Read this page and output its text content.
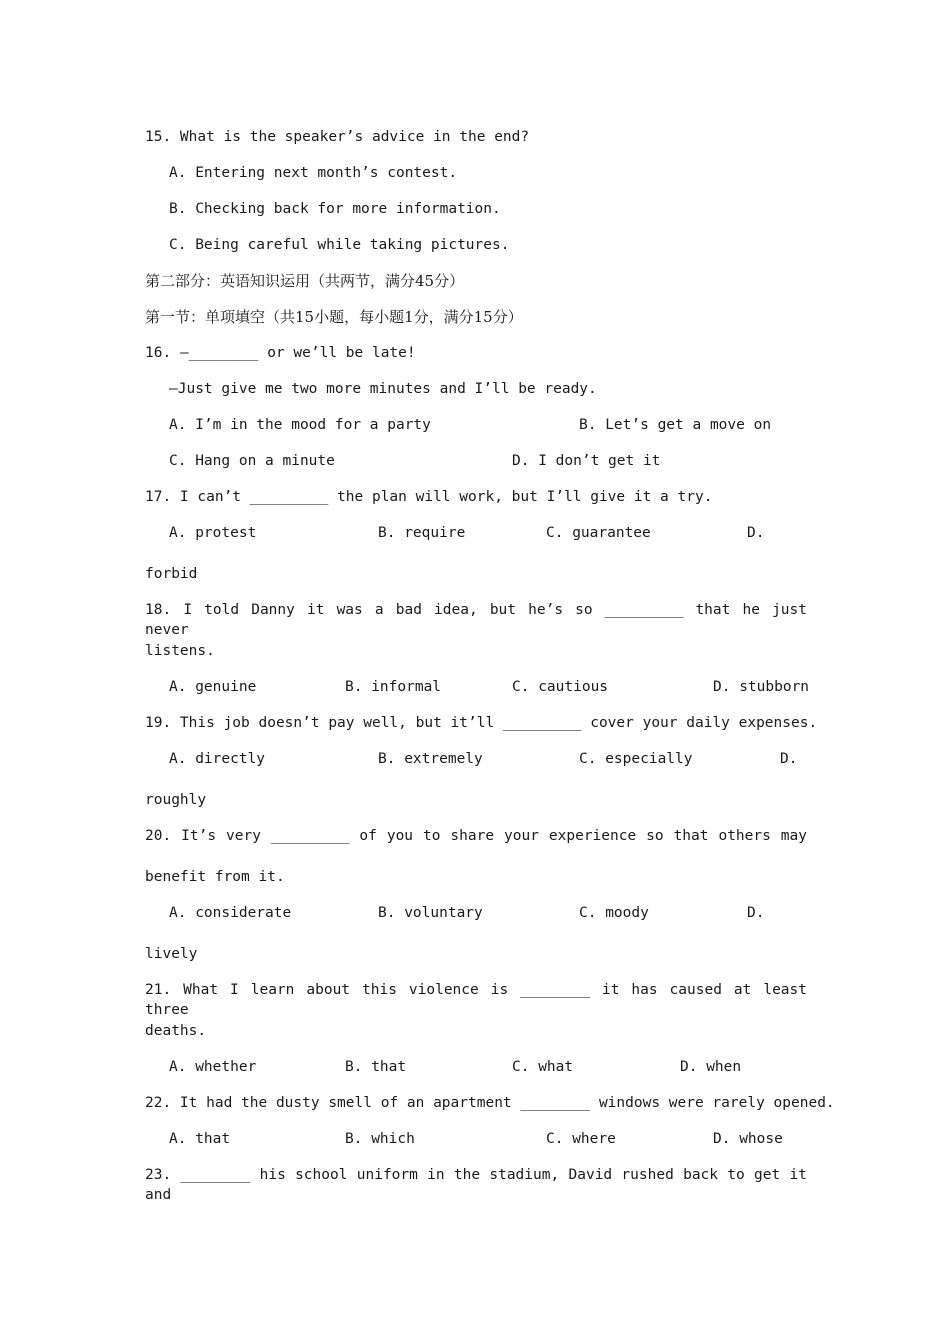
15. What is the speaker’s advice in the end?
A. Entering next month’s contest.
B. Checking back for more information.
C. Being careful while taking pictures.
第二部分：英语知识运用（共两节，满分45分）
第一节：单项填空（共15小题，每小题1分，满分15分）
16. —________ or we’ll be late!
—Just give me two more minutes and I’ll be ready.
A. I’m in the mood for a party	B. Let’s get a move on
C. Hang on a minute	D. I don’t get it
17. I can’t _________ the plan will work, but I’ll give it a try.
A. protest	B. require	C. guarantee	D.
forbid
18. I told Danny it was a bad idea, but he’s so _________ that he just never
listens.
A. genuine	B. informal	C. cautious	D. stubborn
19. This job doesn’t pay well, but it’ll _________ cover your daily expenses.
A. directly	B. extremely	C. especially	D.
roughly
20. It’s very _________ of you to share your experience so that others may
benefit from it.
A. considerate	B. voluntary	C. moody	D.
lively
21. What I learn about this violence is ________ it has caused at least three
deaths.
A. whether	B. that	C. what	D. when
22. It had the dusty smell of an apartment ________ windows were rarely opened.
A. that	B. which	C. where	D. whose
23. ________ his school uniform in the stadium, David rushed back to get it and
